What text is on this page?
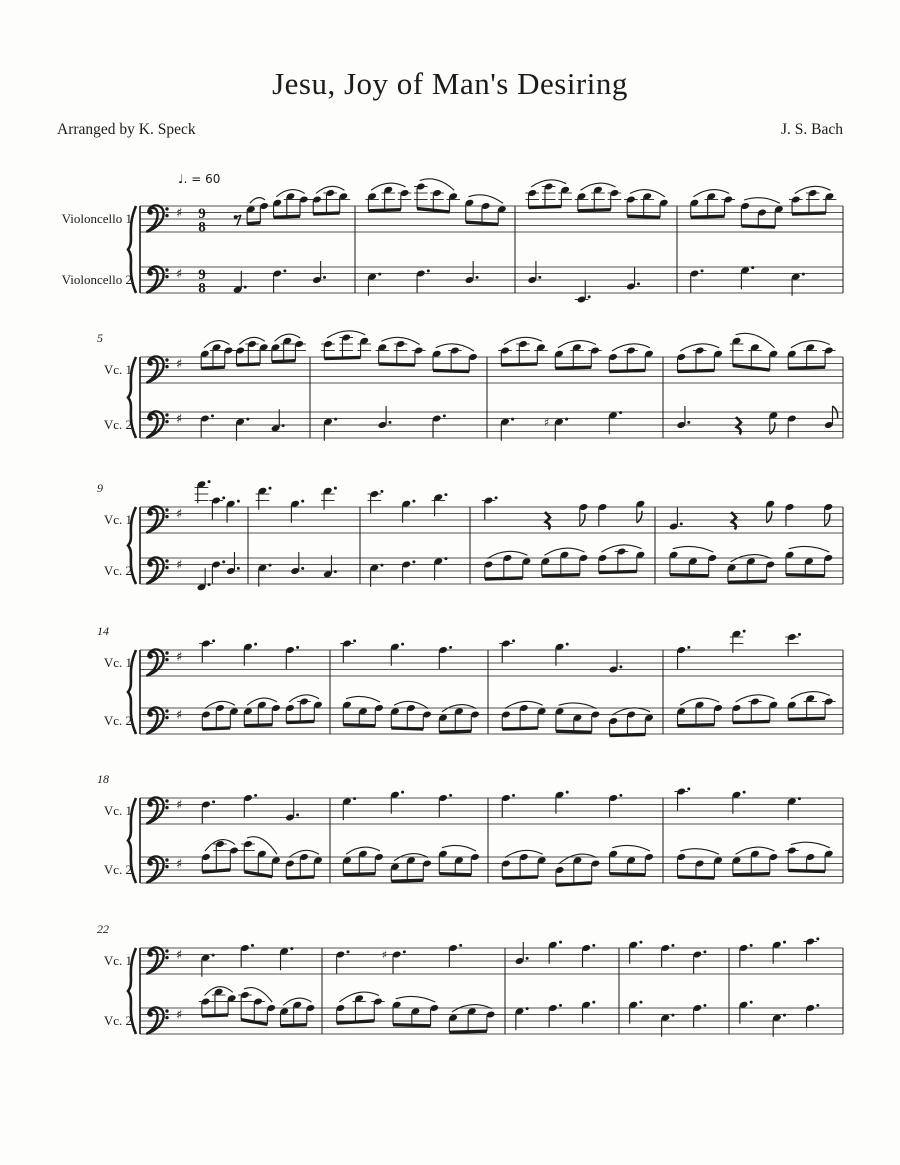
Jesu, Joy of Man's Desiring
Arranged by K. Speck	J. S. Bach
♯ 9
8
♯ 9
8
♯
♯	♯
♯
♯
♯
♯
♯
♯
♯
♯
♯
♩. = 60
5
9
14
18
22
Violoncello 1
Violoncello 2
Vc. 1
Vc. 2
Vc. 1
Vc. 2
Vc. 1
Vc. 2
Vc. 1
Vc. 2
Vc. 1
Vc. 2
